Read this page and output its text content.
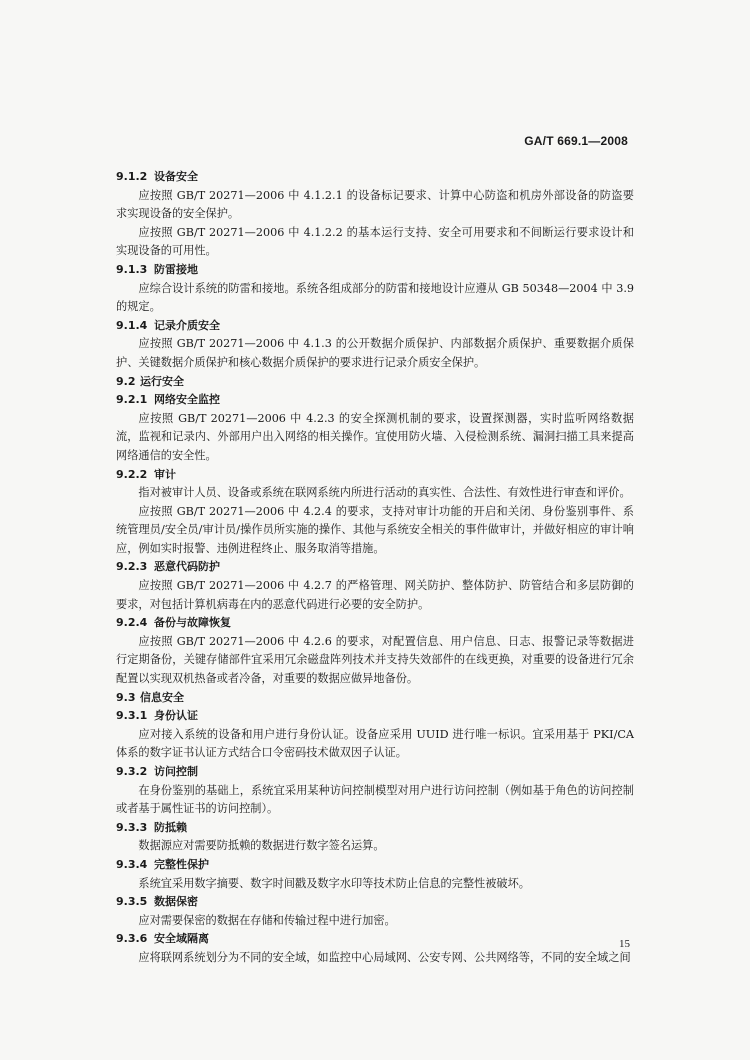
GA/T 669.1—2008
9.1.2 设备安全
应按照 GB/T 20271—2006 中 4.1.2.1 的设备标记要求、计算中心防盗和机房外部设备的防盗要求实现设备的安全保护。
应按照 GB/T 20271—2006 中 4.1.2.2 的基本运行支持、安全可用要求和不间断运行要求设计和实现设备的可用性。
9.1.3 防雷接地
应综合设计系统的防雷和接地。系统各组成部分的防雷和接地设计应遵从 GB 50348—2004 中 3.9 的规定。
9.1.4 记录介质安全
应按照 GB/T 20271—2006 中 4.1.3 的公开数据介质保护、内部数据介质保护、重要数据介质保护、关键数据介质保护和核心数据介质保护的要求进行记录介质安全保护。
9.2 运行安全
9.2.1 网络安全监控
应按照 GB/T 20271—2006 中 4.2.3 的安全探测机制的要求，设置探测器，实时监听网络数据流，监视和记录内、外部用户出入网络的相关操作。宜使用防火墙、入侵检测系统、漏洞扫描工具来提高网络通信的安全性。
9.2.2 审计
指对被审计人员、设备或系统在联网系统内所进行活动的真实性、合法性、有效性进行审查和评价。
应按照 GB/T 20271—2006 中 4.2.4 的要求，支持对审计功能的开启和关闭、身份鉴别事件、系统管理员/安全员/审计员/操作员所实施的操作、其他与系统安全相关的事件做审计，并做好相应的审计响应，例如实时报警、违例进程终止、服务取消等措施。
9.2.3 恶意代码防护
应按照 GB/T 20271—2006 中 4.2.7 的严格管理、网关防护、整体防护、防管结合和多层防御的要求，对包括计算机病毒在内的恶意代码进行必要的安全防护。
9.2.4 备份与故障恢复
应按照 GB/T 20271—2006 中 4.2.6 的要求，对配置信息、用户信息、日志、报警记录等数据进行定期备份，关键存储部件宜采用冗余磁盘阵列技术并支持失效部件的在线更换，对重要的设备进行冗余配置以实现双机热备或者冷备，对重要的数据应做异地备份。
9.3 信息安全
9.3.1 身份认证
应对接入系统的设备和用户进行身份认证。设备应采用 UUID 进行唯一标识。宜采用基于 PKI/CA 体系的数字证书认证方式结合口令密码技术做双因子认证。
9.3.2 访问控制
在身份鉴别的基础上，系统宜采用某种访问控制模型对用户进行访问控制（例如基于角色的访问控制或者基于属性证书的访问控制）。
9.3.3 防抵赖
数据源应对需要防抵赖的数据进行数字签名运算。
9.3.4 完整性保护
系统宜采用数字摘要、数字时间戳及数字水印等技术防止信息的完整性被破坏。
9.3.5 数据保密
应对需要保密的数据在存储和传输过程中进行加密。
9.3.6 安全域隔离
应将联网系统划分为不同的安全域，如监控中心局域网、公安专网、公共网络等，不同的安全域之间
15
